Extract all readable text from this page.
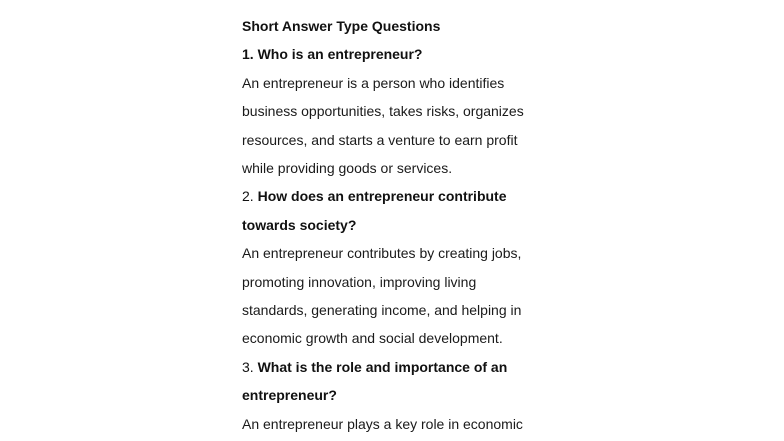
Short Answer Type Questions

1. Who is an entrepreneur?

An entrepreneur is a person who identifies

business opportunities, takes risks, organizes

resources, and starts a venture to earn profit

while providing goods or services.

2. How does an entrepreneur contribute

towards society?

An entrepreneur contributes by creating jobs,

promoting innovation, improving living

standards, generating income, and helping in

economic growth and social development.

3. What is the role and importance of an

entrepreneur?

An entrepreneur plays a key role in economic
